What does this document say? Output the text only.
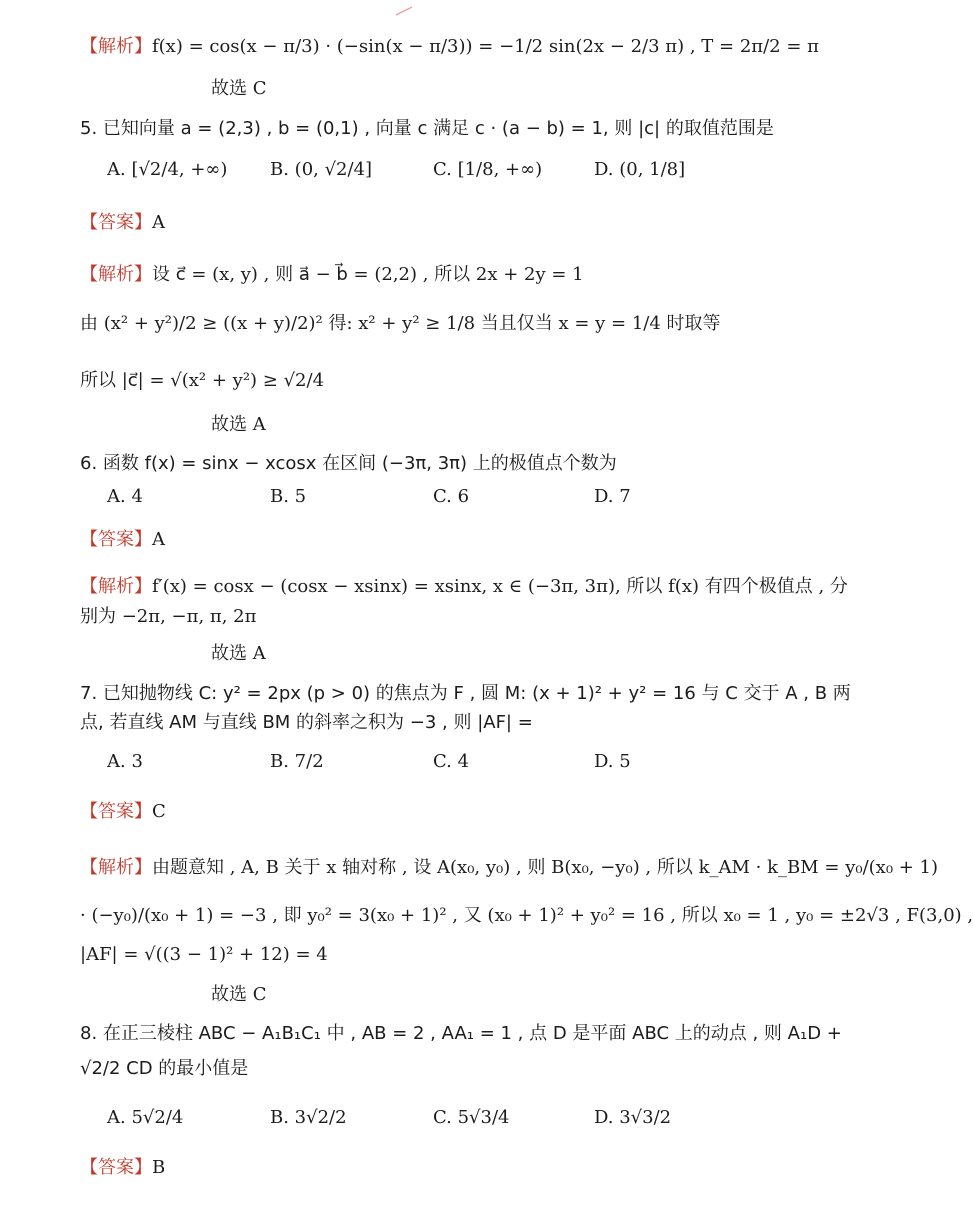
【解析】f(x) = cos(x − π/3) · (−sin(x − π/3)) = −1/2 sin(2x − 2/3 π) , T = 2π/2 = π
故选 C
5. 已知向量 a = (2,3) , b = (0,1) , 向量 c 满足 c · (a − b) = 1, 则 |c| 的取值范围是
A. [√2/4, +∞) B. (0, √2/4]	C. [1/8, +∞)	D. (0, 1/8]
【答案】A
【解析】设 c⃗ = (x, y) , 则 a⃗ − b⃗ = (2,2) , 所以 2x + 2y = 1
由 (x² + y²)/2 ≥ ((x + y)/2)² 得: x² + y² ≥ 1/8 当且仅当 x = y = 1/4 时取等
所以 |c⃗| = √(x² + y²) ≥ √2/4
故选 A
6. 函数 f(x) = sinx − xcosx 在区间 (−3π, 3π) 上的极值点个数为
A. 4	B. 5	C. 6	D. 7
【答案】A
【解析】f′(x) = cosx − (cosx − xsinx) = xsinx, x ∈ (−3π, 3π), 所以 f(x) 有四个极值点 , 分
别为 −2π, −π, π, 2π
故选 A
7. 已知抛物线 C: y² = 2px (p > 0) 的焦点为 F , 圆 M: (x + 1)² + y² = 16 与 C 交于 A , B 两
点, 若直线 AM 与直线 BM 的斜率之积为 −3 , 则 |AF| =
A. 3	B. 7/2	C. 4	D. 5
【答案】C
【解析】由题意知 , A, B 关于 x 轴对称 , 设 A(x₀, y₀) , 则 B(x₀, −y₀) , 所以 k_AM · k_BM = y₀/(x₀ + 1)
· (−y₀)/(x₀ + 1) = −3 , 即 y₀² = 3(x₀ + 1)² , 又 (x₀ + 1)² + y₀² = 16 , 所以 x₀ = 1 , y₀ = ±2√3 , F(3,0) ,
|AF| = √((3 − 1)² + 12) = 4
故选 C
8. 在正三棱柱 ABC − A₁B₁C₁ 中 , AB = 2 , AA₁ = 1 , 点 D 是平面 ABC 上的动点 , 则 A₁D +
√2/2 CD 的最小值是
A. 5√2/4	B. 3√2/2	C. 5√3/4	D. 3√3/2
【答案】B
